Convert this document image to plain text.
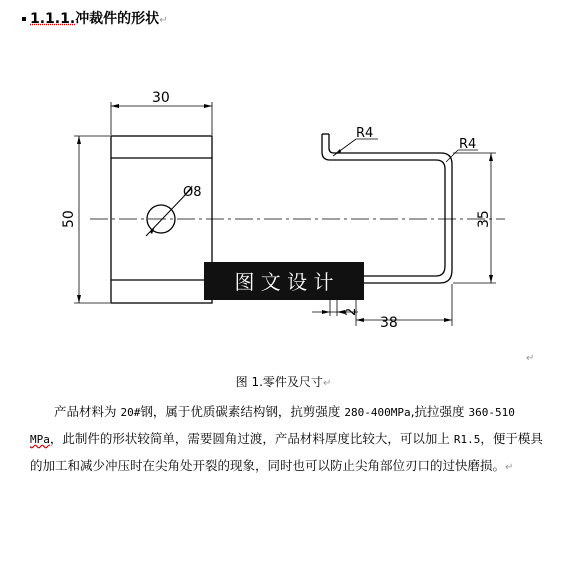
1.1.1.冲裁件的形状↵
Ø8
30
50
R4
R4
35
38
2
图 文 设 计
↵
图 1.零件及尺寸↵
产品材料为 20#钢，属于优质碳素结构钢，抗剪强度 280-400MPa,抗拉强度 360-510 MPa，此制件的形状较简单，需要圆角过渡，产品材料厚度比较大，可以加上 R1.5，便于模具的加工和减少冲压时在尖角处开裂的现象，同时也可以防止尖角部位刃口的过快磨损。↵
